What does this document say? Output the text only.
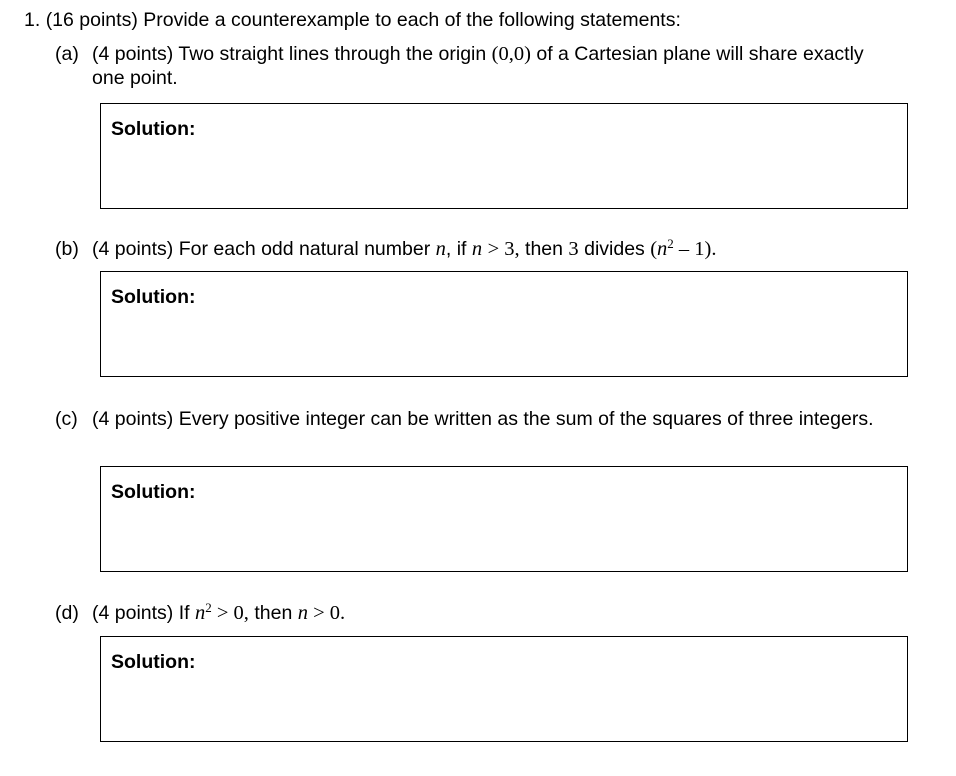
1. (16 points) Provide a counterexample to each of the following statements:
(a) (4 points) Two straight lines through the origin (0,0) of a Cartesian plane will share exactly one point.
Solution:
(b) (4 points) For each odd natural number n, if n > 3, then 3 divides $(n^2 - 1)$.
Solution:
(c) (4 points) Every positive integer can be written as the sum of the squares of three integers.
Solution:
(d) (4 points) If $n^2 > 0$, then n > 0.
Solution:
